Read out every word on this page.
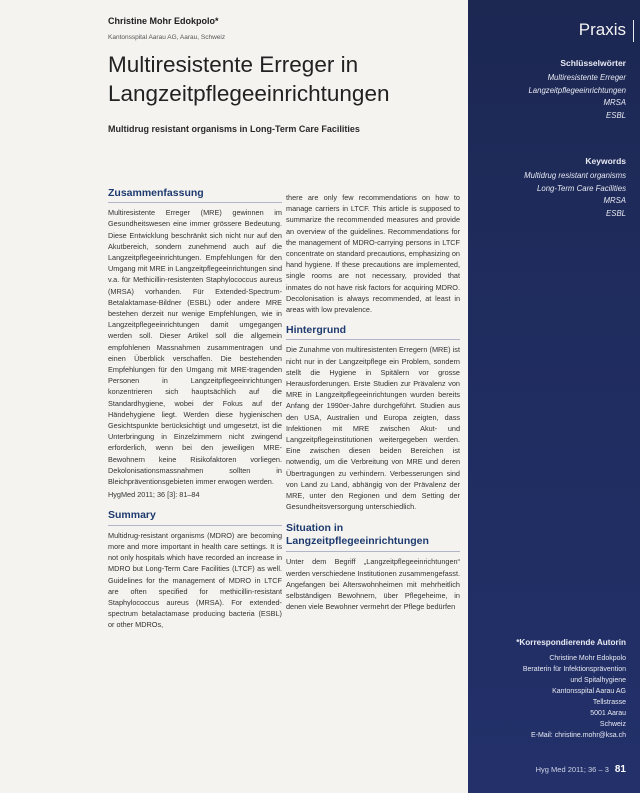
Christine Mohr Edokpolo*
Kantonsspital Aarau AG, Aarau, Schweiz
Multiresistente Erreger in Langzeitpflegeeinrichtungen
Multidrug resistant organisms in Long-Term Care Facilities
Zusammenfassung

Multiresistente Erreger (MRE) gewinnen im Gesundheitswesen eine immer grössere Bedeutung. Diese Entwicklung beschränkt sich nicht nur auf den Akutbereich, sondern zunehmend auch auf die Langzeitpflegeeinrichtungen. Empfehlungen für den Umgang mit MRE in Langzeitpflegeeinrichtungen sind v.a. für Methicillin-resistenten Staphylococcus aureus (MRSA) vorhanden. Für Extended-Spectrum-Betalaktamase-Bildner (ESBL) oder andere MRE bestehen derzeit nur wenige Empfehlungen, wie in Langzeitpflegeeinrichtungen damit umgegangen werden soll. Dieser Artikel soll die allgemein empfohlenen Massnahmen zusammentragen und einen Überblick verschaffen. Die bestehenden Empfehlungen für den Umgang mit MRE-tragenden Personen in Langzeitpflegeeinrichtungen konzentrieren sich hauptsächlich auf die Standardhygiene, wobei der Fokus auf der Händehygiene liegt. Werden diese hygienischen Gesichtspunkte berücksichtigt und umgesetzt, ist die Unterbringung in Einzelzimmern nicht zwingend erforderlich, wenn bei den jeweiligen MRE-Bewohnern keine Risikofaktoren vorliegen. Dekolonisationsmassnahmen sollten in Bleichpräventionsgebieten immer erwogen werden.

HygMed 2011; 36 [3]: 81–84

Summary

Multidrug-resistant organisms (MDRO) are becoming more and more important in health care settings. It is not only hospitals which have recorded an increase in MDRO but Long-Term Care Facilities (LTCF) as well. Guidelines for the management of MDRO in LTCF are often specified for methicillin-resistant Staphylococcus aureus (MRSA). For extended-spectrum betalactamase producing bacteria (ESBL) or other MDROs,

there are only few recommendations on how to manage carriers in LTCF. This article is supposed to summarize the recommended measures and provide an overview of the guidelines. Recommendations for the management of MDRO-carrying persons in LTCF concentrate on standard precautions, emphasizing on hand hygiene. If these precautions are implemented, single rooms are not necessary, provided that inmates do not have risk factors for acquiring MDRO. Decolonisation is always recommended, at least in areas with low prevalence.

Hintergrund

Die Zunahme von multiresistenten Erregern (MRE) ist nicht nur in der Langzeitpflege ein Problem, sondern stellt die Hygiene in Spitälern vor grosse Herausforderungen. Erste Studien zur Prävalenz von MRE in Langzeitpflegeeinrichtungen wurden bereits Anfang der 1990er-Jahre durchgeführt. Studien aus den USA, Australien und Europa zeigten, dass Infektionen mit MRE zwischen Akut- und Langzeitpflegeinstitutionen weitergegeben werden. Eine zwischen diesen beiden Bereichen ist notwendig, um die Verbreitung von MRE und deren Übertragungen zu verhindern. Verbesserungen sind von Land zu Land, abhängig von der Prävalenz der MRE, unter den Regionen und dem Setting der Gesundheitsversorgung unterschiedlich.

Situation in Langzeitpflegeeinrichtungen

Unter dem Begriff „Langzeitpflegeeinrichtungen“ werden verschiedene Institutionen zusammengefasst. Angefangen bei Alterswohnheimen mit mehrheitlich selbständigen Bewohnern, über Pflegeheime, in denen viele Bewohner vermehrt der Pflege bedürfen

Praxis
Schlüsselwörter
Multiresistente Erreger
Langzeitpflegeeinrichtungen
MRSA
ESBL
Keywords
Multidrug resistant organisms
Long-Term Care Facilities
MRSA
ESBL
*Korrespondierende Autorin
Christine Mohr Edokpolo
Beraterin für Infektionsprävention
und Spitalhygiene
Kantonsspital Aarau AG
Tellstrasse
5001 Aarau
Schweiz
E-Mail: christine.mohr@ksa.ch
Hyg Med 2011; 36 – 3 81
